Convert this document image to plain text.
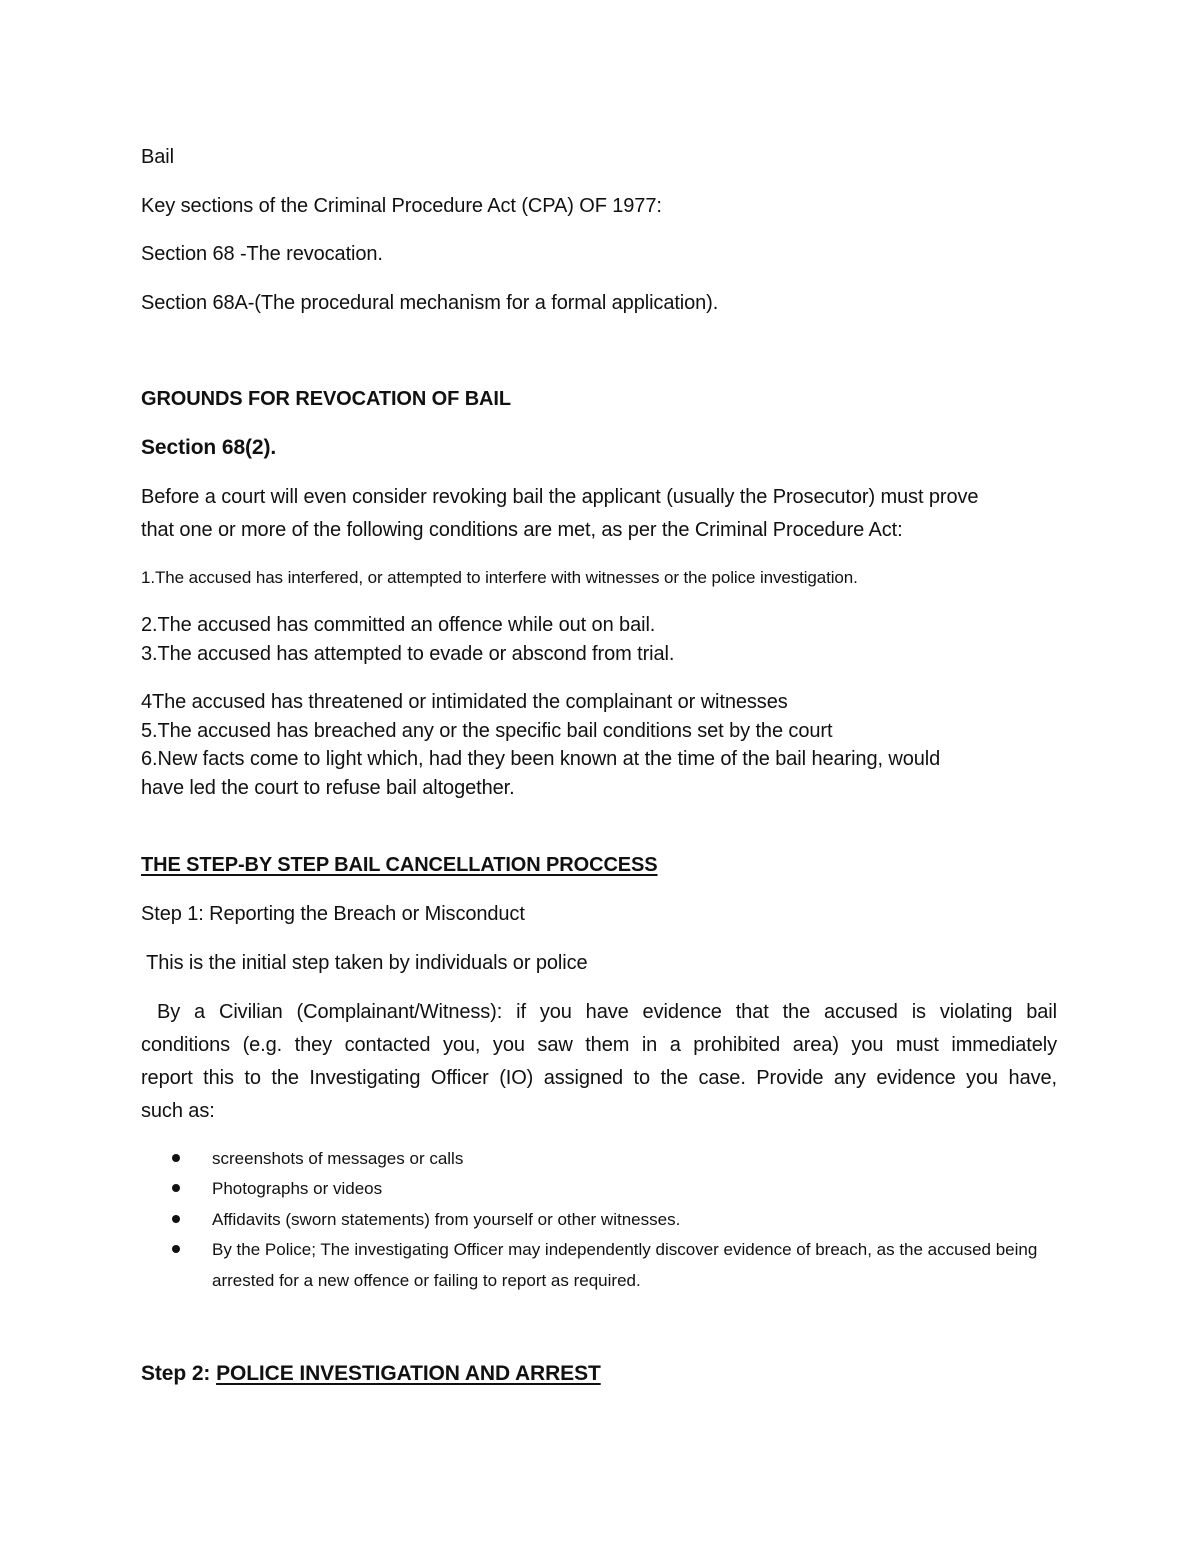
Bail
Key sections of the Criminal Procedure Act (CPA) OF 1977:
Section 68 -The revocation.
Section 68A-(The procedural mechanism for a formal application).
GROUNDS FOR REVOCATION OF BAIL
Section 68(2).
Before a court will even consider revoking bail the applicant (usually the Prosecutor) must prove
that one or more of the following conditions are met, as per the Criminal Procedure Act:
1.The accused has interfered, or attempted to interfere with witnesses or the police investigation.
2.The accused has committed an offence while out on bail.
3.The accused has attempted to evade or abscond from trial.
4The accused has threatened or intimidated the complainant or witnesses
5.The accused has breached any or the specific bail conditions set by the court
6.New facts come to light which, had they been known at the time of the bail hearing, would
have led the court to refuse bail altogether.
THE STEP-BY STEP BAIL CANCELLATION PROCCESS
Step 1: Reporting the Breach or Misconduct
This is the initial step taken by individuals or police
By a Civilian (Complainant/Witness): if you have evidence that the accused is violating bail
conditions (e.g. they contacted you, you saw them in a prohibited area) you must immediately
report this to the Investigating Officer (IO) assigned to the case. Provide any evidence you have,
such as:
screenshots of messages or calls
Photographs or videos
Affidavits (sworn statements) from yourself or other witnesses.
By the Police; The investigating Officer may independently discover evidence of breach, as the accused being arrested for a new offence or failing to report as required.
Step 2: POLICE INVESTIGATION AND ARREST
